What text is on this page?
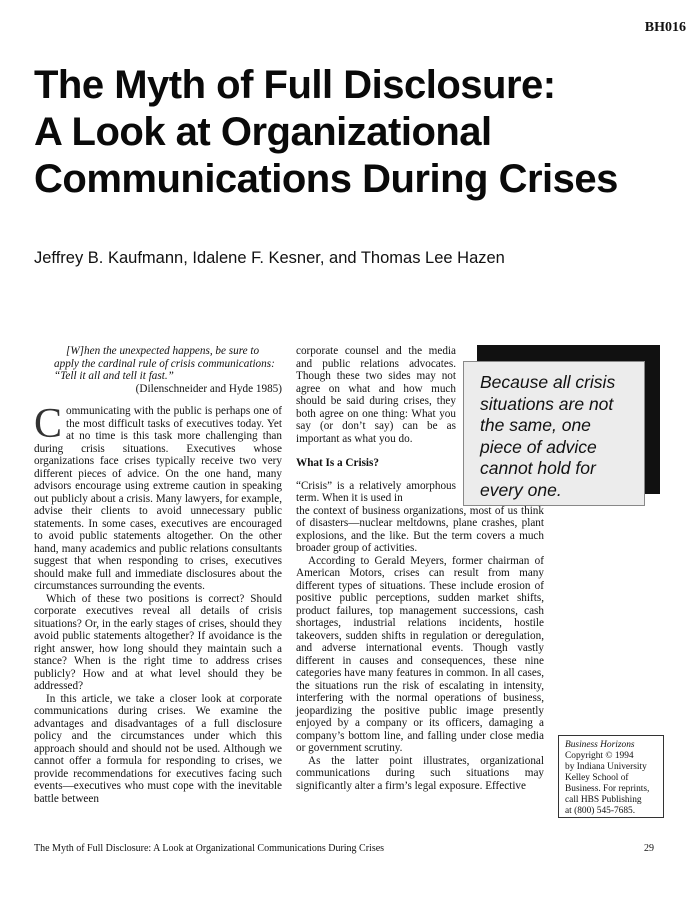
BH016
The Myth of Full Disclosure:
A Look at Organizational
Communications During Crises
Jeffrey B. Kaufmann, Idalene F. Kesner, and Thomas Lee Hazen

[W]hen the unexpected happens, be sure to apply the cardinal rule of crisis communications: “Tell it all and tell it fast.”

(Dilenschneider and Hyde 1985)

Communicating with the public is perhaps one of the most difficult tasks of executives today. Yet at no time is this task more challenging than during crisis situations. Executives whose organizations face crises typically receive two very different pieces of advice. On the one hand, many advisors encourage using extreme caution in speaking out publicly about a crisis. Many lawyers, for example, advise their clients to avoid unnecessary public statements. In some cases, executives are encouraged to avoid public statements altogether. On the other hand, many academics and public relations consultants suggest that when responding to crises, executives should make full and immediate disclosures about the circumstances surrounding the events.

Which of these two positions is correct? Should corporate executives reveal all details of crisis situations? Or, in the early stages of crises, should they avoid public statements altogether? If avoidance is the right answer, how long should they maintain such a stance? When is the right time to address crises publicly? How and at what level should they be addressed?

In this article, we take a closer look at corporate communications during crises. We examine the advantages and disadvantages of a full disclosure policy and the circumstances under which this approach should and should not be used. Although we cannot offer a formula for responding to crises, we provide recommendations for executives facing such events—executives who must cope with the inevitable battle between

Because all crisis situations are not the same, one piece of advice cannot hold for every one.

corporate counsel and the media and public relations advocates. Though these two sides may not agree on what and how much should be said during crises, they both agree on one thing: What you say (or don’t say) can be as important as what you do.

What Is a Crisis?

“Crisis” is a relatively amorphous term. When it is used in

the context of business organizations, most of us think of disasters—nuclear meltdowns, plane crashes, plant explosions, and the like. But the term covers a much broader group of activities.

According to Gerald Meyers, former chairman of American Motors, crises can result from many different types of situations. These include erosion of positive public perceptions, sudden market shifts, product failures, top management successions, cash shortages, industrial relations incidents, hostile takeovers, sudden shifts in regulation or deregulation, and adverse international events. Though vastly different in causes and consequences, these nine categories have many features in common. In all cases, the situations run the risk of escalating in intensity, interfering with the normal operations of business, jeopardizing the positive public image presently enjoyed by a company or its officers, damaging a company’s bottom line, and falling under close media or government scrutiny.

As the latter point illustrates, organizational communications during such situations may significantly alter a firm’s legal exposure. Effective

Business Horizons
Copyright © 1994
by Indiana University
Kelley School of
Business. For reprints,
call HBS Publishing
at (800) 545-7685.
The Myth of Full Disclosure: A Look at Organizational Communications During Crises	29
